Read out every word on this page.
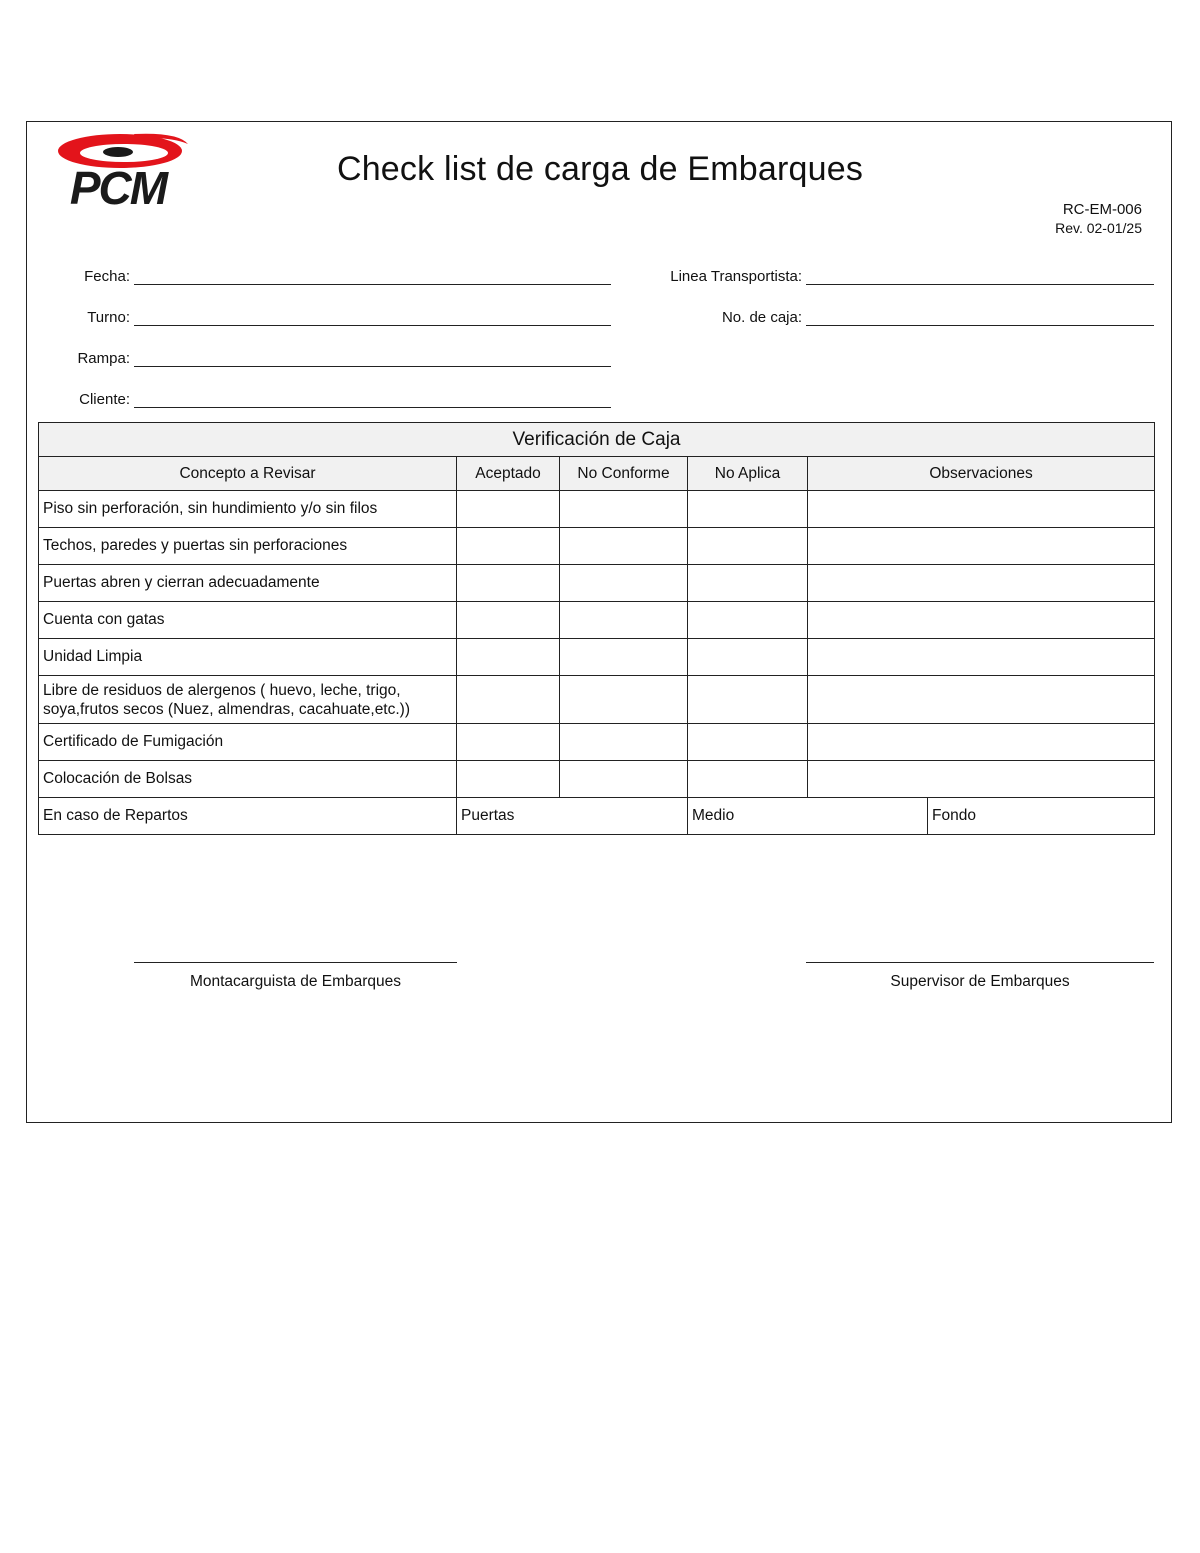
PCM	Check list de carga de Embarques
RC-EM-006
Rev. 02-01/25
Fecha:
Turno:
Rampa:
Cliente:
Linea Transportista:
No. de caja:
Verificación de Caja					
Concepto a Revisar	Aceptado	No Conforme	No Aplica	Observaciones	
Piso sin perforación, sin hundimiento y/o sin filos					
Techos, paredes y puertas sin perforaciones					
Puertas abren y cierran adecuadamente					
Cuenta con gatas					
Unidad Limpia					
Libre de residuos de alergenos ( huevo, leche, trigo, soya,frutos secos (Nuez, almendras, cacahuate,etc.))					
Certificado de Fumigación					
Colocación de Bolsas					
En caso de Repartos	Puertas		Medio		Fondo
Montacarguista de Embarques	Supervisor de Embarques
